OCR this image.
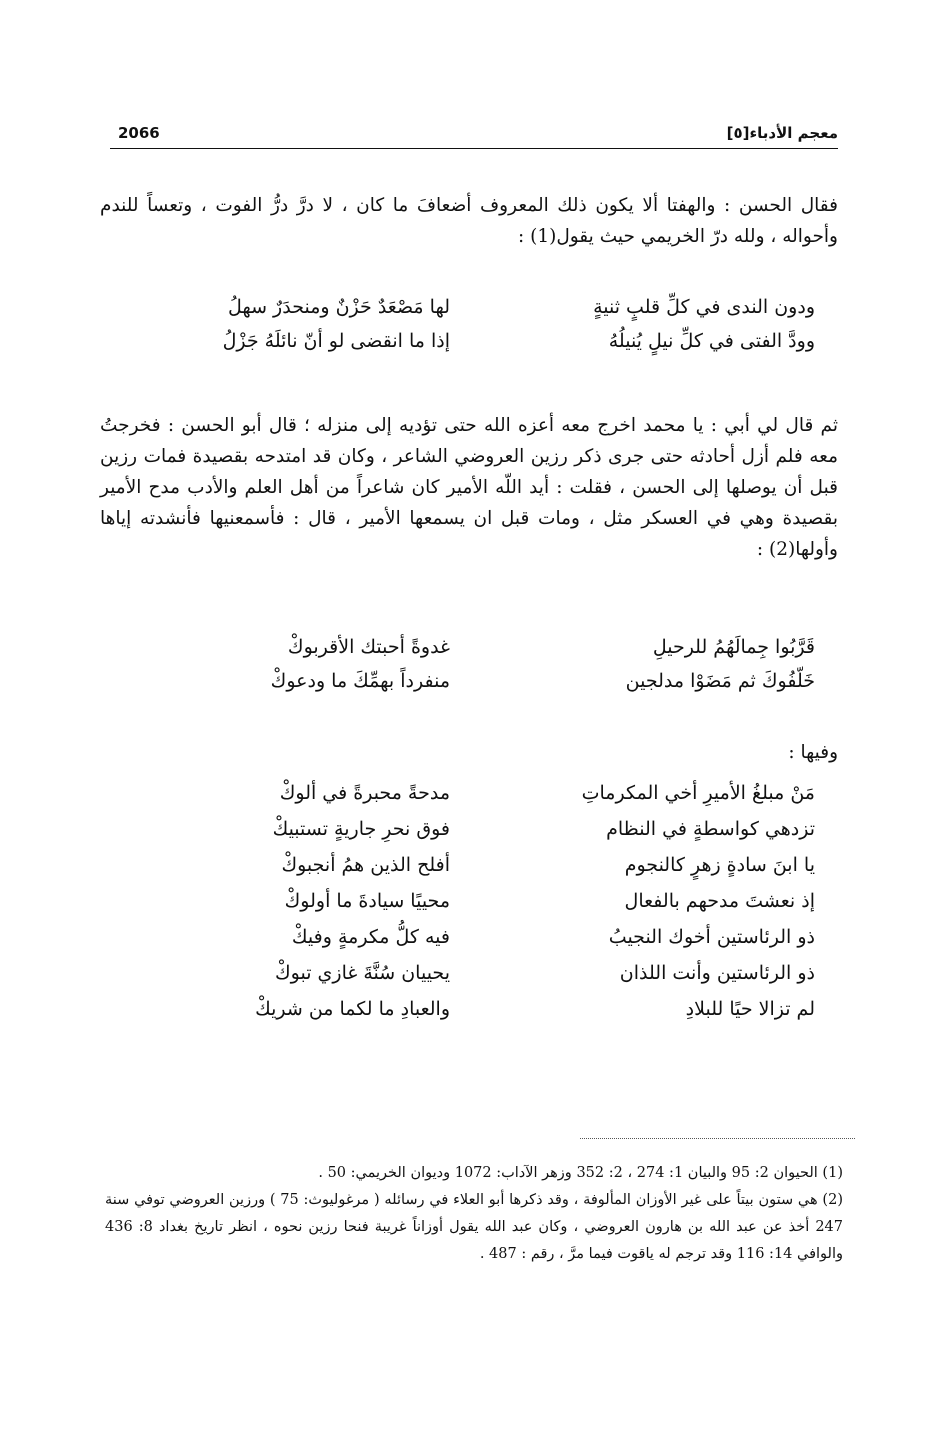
معجم الأدباء[٥]
2066
فقال الحسن : والهفتا ألا يكون ذلك المعروف أضعافَ ما كان ، لا درَّ درُّ الفوت ، وتعساً للندم وأحواله ، ولله درّ الخريمي حيث يقول(1) :
ودون الندى في كلِّ قلبٍ ثنيةٍ
لها مَصْعَدٌ حَزْنٌ ومنحدَرٌ سهلُ
وودَّ الفتى في كلِّ نيلٍ يُنيلُهُ
إذا ما انقضى لو أنّ نائلَهُ جَزْلُ
ثم قال لي أبي : يا محمد اخرج معه أعزه الله حتى تؤديه إلى منزله ؛ قال أبو الحسن : فخرجتُ معه فلم أزل أحادثه حتى جرى ذكر رزين العروضي الشاعر ، وكان قد امتدحه بقصيدة فمات رزين قبل أن يوصلها إلى الحسن ، فقلت : أيد اللّه الأمير كان شاعراً من أهل العلم والأدب مدح الأمير بقصيدة وهي في العسكر مثل ، ومات قبل ان يسمعها الأمير ، قال : فأسمعنيها فأنشدته إياها وأولها(2) :
قَرَّبُوا جِمالَهُمُ للرحيلِ
غدوةً أحبتك الأقربوكْ
خَلّفُوكَ ثم مَضَوْا مدلجين
منفرداً بهمِّكَ ما ودعوكْ
وفيها :
مَنْ مبلغُ الأميرِ أخي المكرماتِ
مدحةً محبرةً في ألوكْ
تزدهي كواسطةٍ في النظام
فوق نحرِ جاريةٍ تستبيكْ
يا ابنَ سادةٍ زهرٍ كالنجوم
أفلح الذين همُ أنجبوكْ
إذ نعشتَ مدحهم بالفعال
محييًا سيادةَ ما أولوكْ
ذو الرئاستين أخوك النجيبُ
فيه كلُّ مكرمةٍ وفيكْ
ذو الرئاستين وأنت اللذان
يحييان سُنَّةَ غازي تبوكْ
لم تزالا حيًا للبلادِ
والعبادِ ما لكما من شريكْ

(1) الحيوان 2: 95 والبيان 1: 274 ، 2: 352 وزهر الآداب: 1072 وديوان الخريمي: 50 .

(2) هي ستون بيتاً على غير الأوزان المألوفة ، وقد ذكرها أبو العلاء في رسائله ( مرغوليوث: 75 ) ورزين العروضي توفي سنة 247 أخذ عن عبد الله بن هارون العروضي ، وكان عبد الله يقول أوزاناً غريبة فنحا رزين نحوه ، انظر تاريخ بغداد 8: 436 والوافي 14: 116 وقد ترجم له ياقوت فيما مرَّ ، رقم : 487 .
